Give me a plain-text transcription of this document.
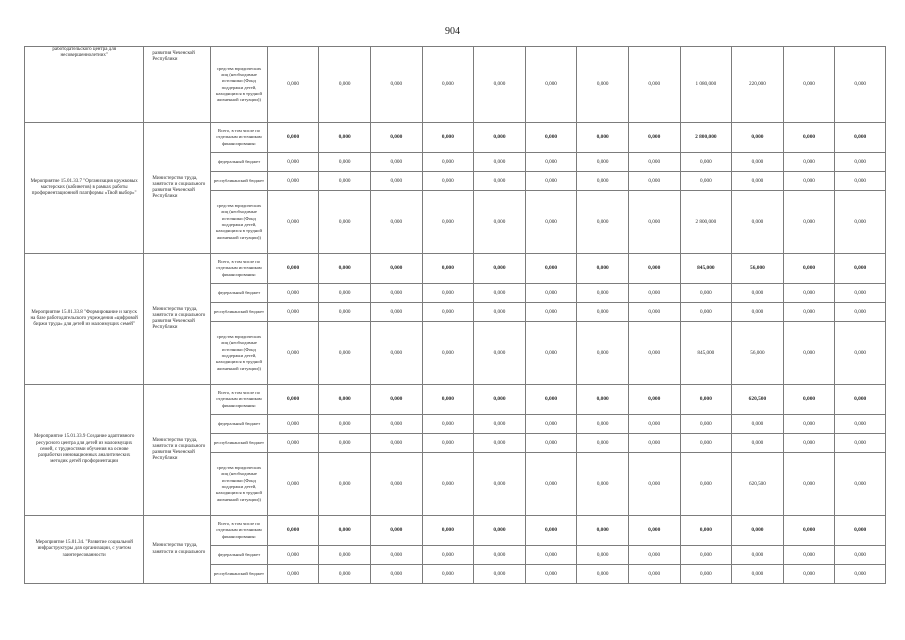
904
работодательского центра для несовершеннолетних"	развития Чеченской Республики	средства юридических лиц (необходимые источники (Фонд поддержки детей, находящихся в трудной жизненной ситуации))	0,000	0,000	0,000	0,000	0,000	0,000	0,000	0,000	1 080,000	220,000	0,000	0,000
Мероприятие 15.01.33.7 "Организация кружковых мастерских (кабинетов) в рамках работы профориентационной платформы «Твой выбор»"	Министерство труда, занятости и социального развития Чеченской Республики	Всего, в том числе по отдельным источникам финансирования:	0,000	0,000	0,000	0,000	0,000	0,000	0,000	0,000	2 800,000	0,000	0,000	0,000
		федеральный бюджет	0,000	0,000	0,000	0,000	0,000	0,000	0,000	0,000	0,000	0,000	0,000	0,000
		республиканский бюджет	0,000	0,000	0,000	0,000	0,000	0,000	0,000	0,000	0,000	0,000	0,000	0,000
		средства юридических лиц (необходимые источники (Фонд поддержки детей, находящихся в трудной жизненной ситуации))	0,000	0,000	0,000	0,000	0,000	0,000	0,000	0,000	2 800,000	0,000	0,000	0,000
Мероприятие 15.01.33.8 "Формирование и запуск на базе работодательского учреждения «цифровой биржи труда» для детей из малоимущих семей"	Министерство труда, занятости и социального развития Чеченской Республики	Всего, в том числе по отдельным источникам финансирования:	0,000	0,000	0,000	0,000	0,000	0,000	0,000	0,000	845,000	56,000	0,000	0,000
		федеральный бюджет	0,000	0,000	0,000	0,000	0,000	0,000	0,000	0,000	0,000	0,000	0,000	0,000
		республиканский бюджет	0,000	0,000	0,000	0,000	0,000	0,000	0,000	0,000	0,000	0,000	0,000	0,000
		средства юридических лиц (необходимые источники (Фонд поддержки детей, находящихся в трудной жизненной ситуации))	0,000	0,000	0,000	0,000	0,000	0,000	0,000	0,000	845,000	56,000	0,000	0,000
Мероприятие 15.01.33.9 Создание адаптивного ресурсного центра для детей из малоимущих семей, с трудностями обучения на основе разработки инновационных аналитических методик детей профориентации	Министерство труда, занятости и социального развития Чеченской Республики	Всего, в том числе по отдельным источникам финансирования:	0,000	0,000	0,000	0,000	0,000	0,000	0,000	0,000	0,000	620,500	0,000	0,000
		федеральный бюджет	0,000	0,000	0,000	0,000	0,000	0,000	0,000	0,000	0,000	0,000	0,000	0,000
		республиканский бюджет	0,000	0,000	0,000	0,000	0,000	0,000	0,000	0,000	0,000	0,000	0,000	0,000
		средства юридических лиц (необходимые источники (Фонд поддержки детей, находящихся в трудной жизненной ситуации))	0,000	0,000	0,000	0,000	0,000	0,000	0,000	0,000	0,000	620,500	0,000	0,000
Мероприятие 15.01.34. "Развитие социальной инфраструктуры для организации, с учетом заинтересованности	Министерство труда, занятости и социального	Всего, в том числе по отдельным источникам финансирования:	0,000	0,000	0,000	0,000	0,000	0,000	0,000	0,000	0,000	0,000	0,000	0,000
		федеральный бюджет	0,000	0,000	0,000	0,000	0,000	0,000	0,000	0,000	0,000	0,000	0,000	0,000
		республиканский бюджет	0,000	0,000	0,000	0,000	0,000	0,000	0,000	0,000	0,000	0,000	0,000	0,000
